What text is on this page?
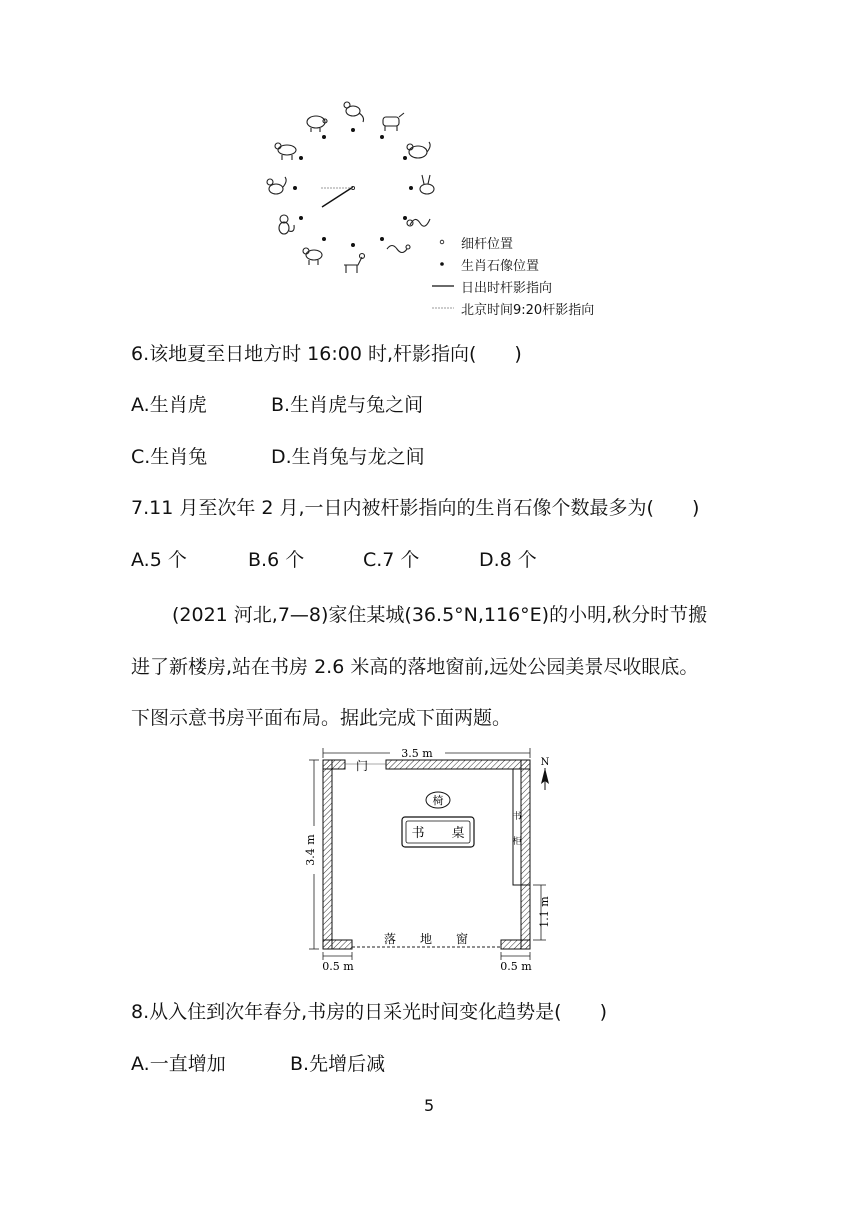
细杆位置
生肖石像位置
日出时杆影指向
北京时间9:20杆影指向
6.该地夏至日地方时 16:00 时,杆影指向(　　)
A.生肖虎	B.生肖虎与兔之间
C.生肖兔	D.生肖兔与龙之间
7.11 月至次年 2 月,一日内被杆影指向的生肖石像个数最多为(　　)
A.5 个	B.6 个	C.7 个	D.8 个
(2021 河北,7—8)家住某城(36.5°N,116°E)的小明,秋分时节搬
进了新楼房,站在书房 2.6 米高的落地窗前,远处公园美景尽收眼底。
下图示意书房平面布局。据此完成下面两题。
3.5 m
3.4 m
门
椅
书 桌
书
柜
1.1 m
落　　地　　窗
0.5 m	0.5 m
N
8.从入住到次年春分,书房的日采光时间变化趋势是(　　)
A.一直增加	B.先增后减
5
